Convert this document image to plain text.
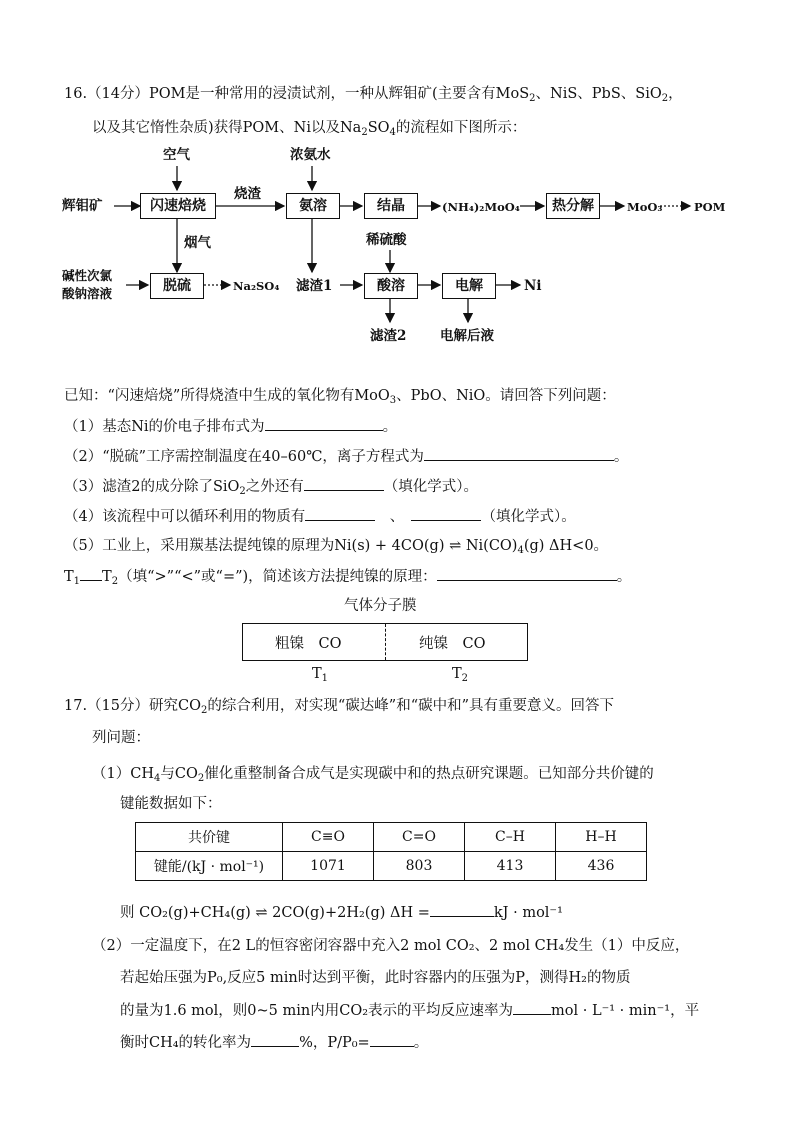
16.（14分）POM是一种常用的浸渍试剂，一种从辉钼矿(主要含有MoS$_2$、NiS、PbS、SiO$_2$，
以及其它惰性杂质)获得POM、Ni以及$Na_2SO_4$的流程如下图所示：
空气	浓氨水
辉钼矿	闪速焙烧
烧渣
氨溶	结晶	(NH₄)₂MoO₄	热分解	MoO₃	POM
烟气
碱性次氯
酸钠溶液	脱硫	Na₂SO₄ 滤渣1
稀硫酸
酸溶	电解	Ni
滤渣2 电解后液
已知：“闪速焙烧”所得烧渣中生成的氧化物有MoO$_3$、PbO、NiO。请回答下列问题：
（1）基态Ni的价电子排布式为	。
（2）“脱硫”工序需控制温度在40–60℃，离子方程式为	。
（3）滤渣2的成分除了SiO$_2$之外还有	（填化学式）。
（4）该流程中可以循环利用的物质有　	、　	（填化学式）。
（5）工业上，采用羰基法提纯镍的原理为Ni(s) + 4CO(g) ⇌ $Ni(CO)_4(g)$ ΔH<0。
$T_1$ $T_2$（填“>”“<”或“=”)，简述该方法提纯镍的原理：	。
气体分子膜
粗镍　CO	纯镍　CO
$T_1$	$T_2$
17.（15分）研究$CO_2$的综合利用，对实现“碳达峰”和“碳中和”具有重要意义。回答下
列问题：
$(1)CH_4$与$CO_2$催化重整制备合成气是实现碳中和的热点研究课题。已知部分共价键的
键能数据如下：
共价键	C≡O	C=O	C–H	H–H
键能/(kJ · mol⁻¹)	1071	803	413	436
则 CO₂(g)+CH₄(g) ⇌ 2CO(g)+2H₂(g) ΔH =	kJ · mol⁻¹
（2）一定温度下，在2 L的恒容密闭容器中充入2 mol CO₂、2 mol CH₄发生（1）中反应，
若起始压强为P₀,反应5 min时达到平衡，此时容器内的压强为P，测得H₂的物质
的量为1.6 mol，则0~5 min内用CO₂表示的平均反应速率为	mol · L⁻¹ · min⁻¹，平
衡时CH₄的转化率为	%，P/P₀=	。
